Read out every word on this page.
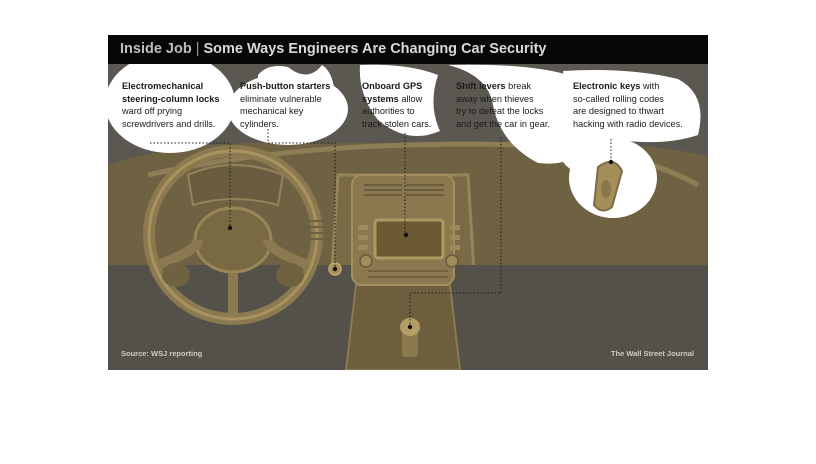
Inside Job | Some Ways Engineers Are Changing Car Security
Electromechanical
steering-column locks
ward off prying
screwdrivers and drills.
Push-button starters
eliminate vulnerable
mechanical key
cylinders.
Onboard GPS
systems allow
authorities to
track stolen cars.
Shift levers break
away when thieves
try to defeat the locks
and get the car in gear.
Electronic keys with
so-called rolling codes
are designed to thwart
hacking with radio devices.
Source: WSJ reporting	The Wall Street Journal
